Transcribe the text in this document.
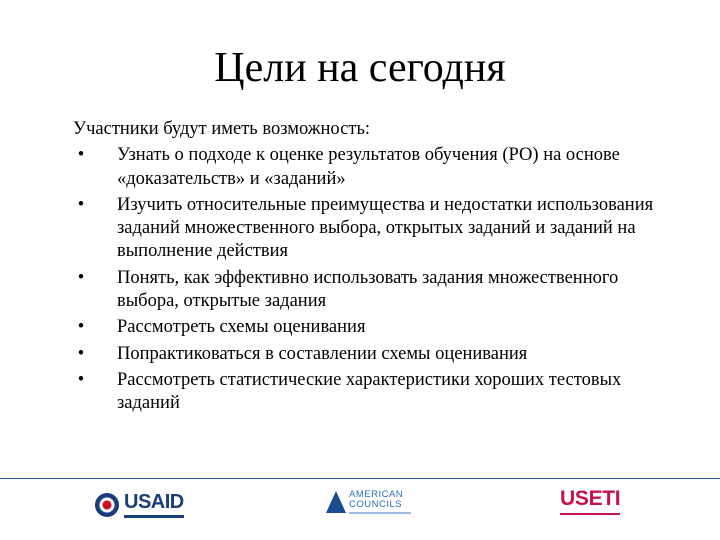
Цели на сегодня
Участники будут иметь возможность:
• Узнать о подходе к оценке результатов обучения (РО) на основе «доказательств» и «заданий»
• Изучить относительные преимущества и недостатки использования заданий множественного выбора, открытых заданий и заданий на выполнение действия
• Понять, как эффективно использовать задания множественного выбора, открытые задания
• Рассмотреть схемы оценивания
• Попрактиковаться в составлении схемы оценивания
• Рассмотреть статистические характеристики хороших тестовых заданий
USAID	AMERICAN
COUNCILS	USETI
